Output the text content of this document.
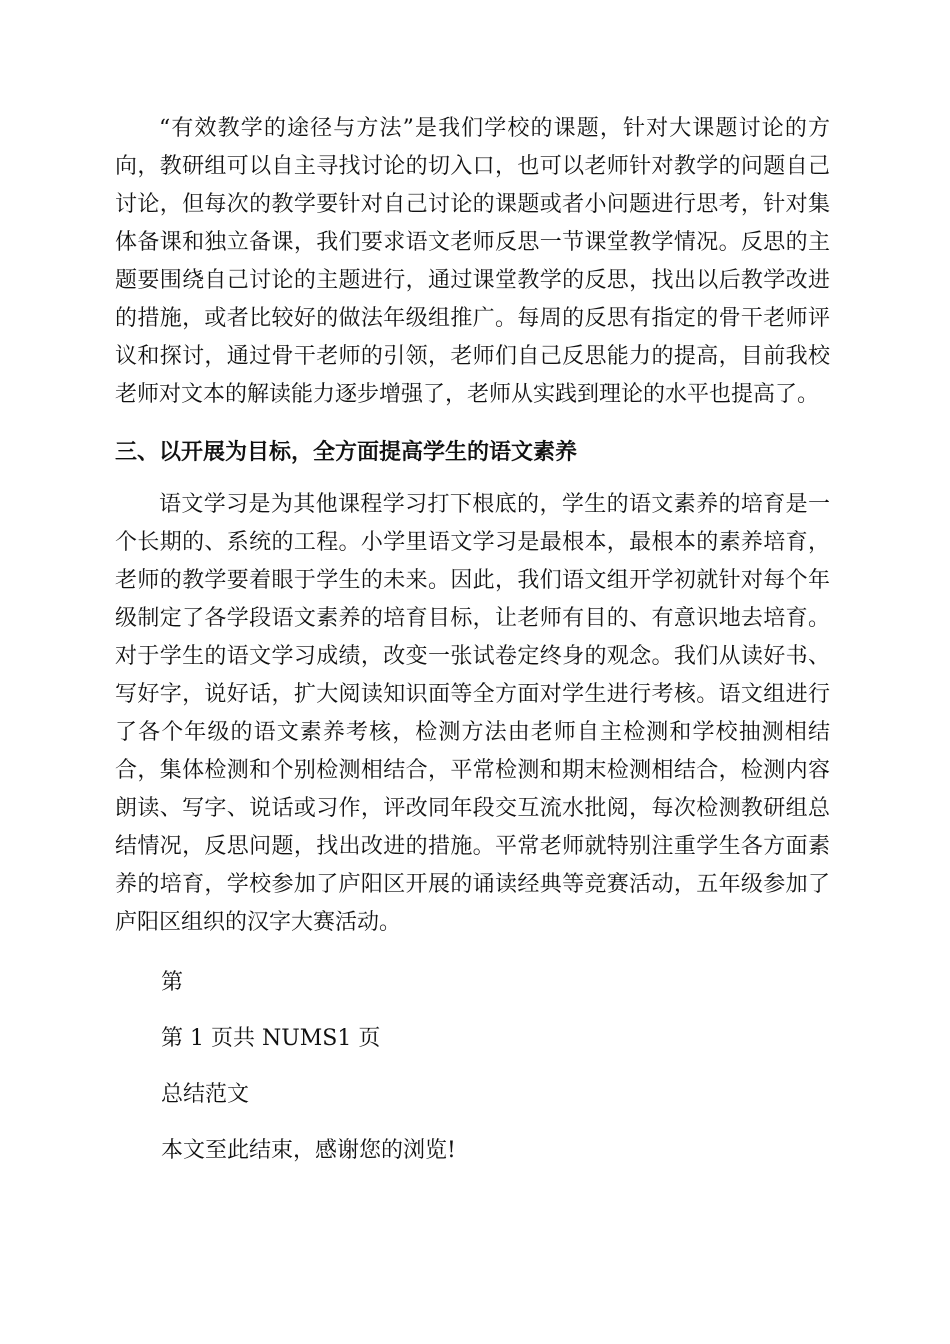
“有效教学的途径与方法”是我们学校的课题，针对大课题讨论的方向，教研组可以自主寻找讨论的切入口，也可以老师针对教学的问题自己讨论，但每次的教学要针对自己讨论的课题或者小问题进行思考，针对集体备课和独立备课，我们要求语文老师反思一节课堂教学情况。反思的主题要围绕自己讨论的主题进行，通过课堂教学的反思，找出以后教学改进的措施，或者比较好的做法年级组推广。每周的反思有指定的骨干老师评议和探讨，通过骨干老师的引领，老师们自己反思能力的提高，目前我校老师对文本的解读能力逐步增强了，老师从实践到理论的水平也提高了。

三、以开展为目标，全方面提高学生的语文素养

语文学习是为其他课程学习打下根底的，学生的语文素养的培育是一个长期的、系统的工程。小学里语文学习是最根本，最根本的素养培育，老师的教学要着眼于学生的未来。因此，我们语文组开学初就针对每个年级制定了各学段语文素养的培育目标，让老师有目的、有意识地去培育。对于学生的语文学习成绩，改变一张试卷定终身的观念。我们从读好书、写好字，说好话，扩大阅读知识面等全方面对学生进行考核。语文组进行了各个年级的语文素养考核，检测方法由老师自主检测和学校抽测相结合，集体检测和个别检测相结合，平常检测和期末检测相结合，检测内容朗读、写字、说话或习作，评改同年段交互流水批阅，每次检测教研组总结情况，反思问题，找出改进的措施。平常老师就特别注重学生各方面素养的培育，学校参加了庐阳区开展的诵读经典等竞赛活动，五年级参加了庐阳区组织的汉字大赛活动。

第
第 1 页共 NUMS1 页
总结范文
本文至此结束，感谢您的浏览!
